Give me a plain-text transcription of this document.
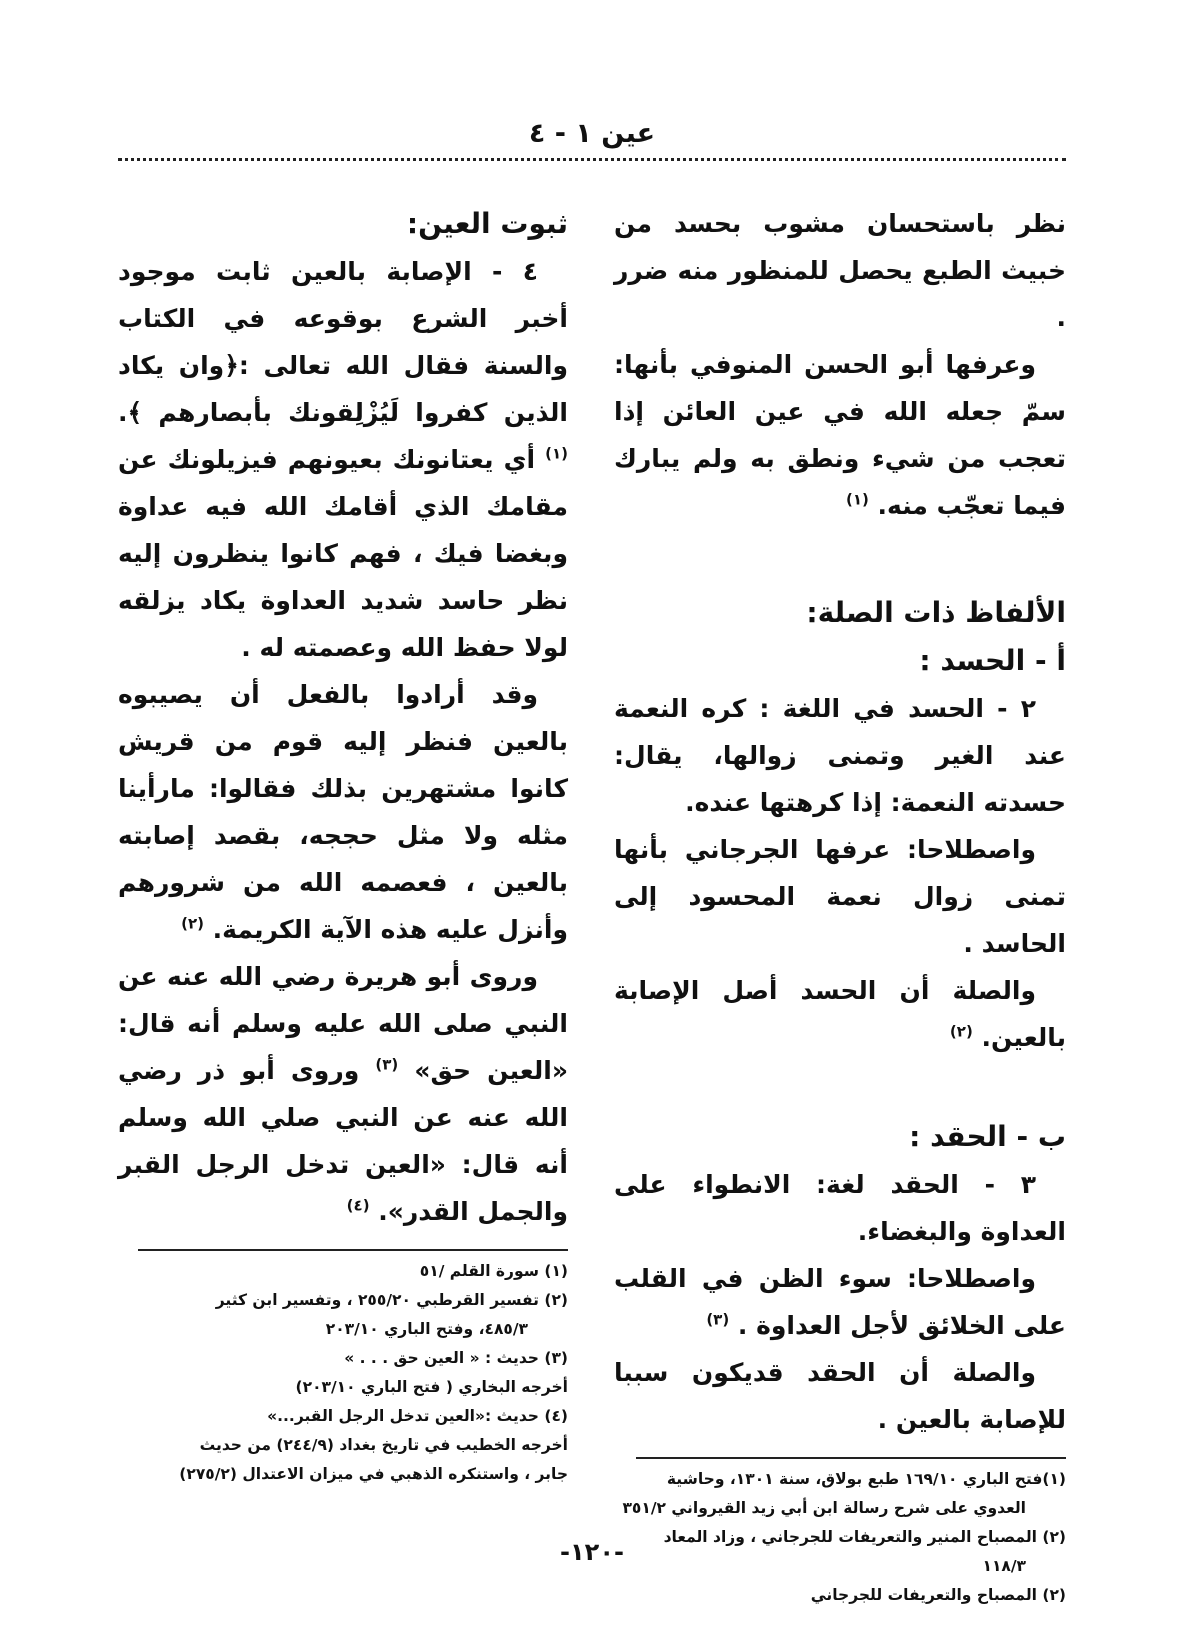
عين ١ - ٤

نظر باستحسان مشوب بحسد من خبيث الطبع يحصل للمنظور منه ضرر .

وعرفها أبو الحسن المنوفي بأنها: سمّ جعله الله في عين العائن إذا تعجب من شيء ونطق به ولم يبارك فيما تعجّب منه. $^{(١)}$

الألفاظ ذات الصلة:
أ - الحسد :

٢ - الحسد في اللغة : كره النعمة عند الغير وتمنى زوالها، يقال: حسدته النعمة: إذا كرهتها عنده.

واصطلاحا: عرفها الجرجاني بأنها تمنى زوال نعمة المحسود إلى الحاسد .

والصلة أن الحسد أصل الإصابة بالعين. $^{(٢)}$

ب - الحقد :

٣ - الحقد لغة: الانطواء على العداوة والبغضاء.

واصطلاحا: سوء الظن في القلب على الخلائق لأجل العداوة . $^{(٣)}$

والصلة أن الحقد قديكون سببا للإصابة بالعين .

(١)فتح الباري ١٦٩/١٠ طبع بولاق، سنة ١٣٠١، وحاشية

العدوي على شرح رسالة ابن أبي زيد القيرواني ٣٥١/٢

(٢) المصباح المنير والتعريفات للجرجاني ، وزاد المعاد

١١٨/٣

(٢) المصباح والتعريفات للجرجاني

ثبوت العين:

٤ - الإصابة بالعين ثابت موجود أخبر الشرع بوقوعه في الكتاب والسنة فقال الله تعالى :﴿وان يكاد الذين كفروا لَيُزْلِقونك بأبصارهم ﴾. $^{(١)}$ أي يعتانونك بعيونهم فيزيلونك عن مقامك الذي أقامك الله فيه عداوة وبغضا فيك ، فهم كانوا ينظرون إليه نظر حاسد شديد العداوة يكاد يزلقه لولا حفظ الله وعصمته له .

وقد أرادوا بالفعل أن يصيبوه بالعين فنظر إليه قوم من قريش كانوا مشتهرين بذلك فقالوا: مارأينا مثله ولا مثل حججه، بقصد إصابته بالعين ، فعصمه الله من شرورهم وأنزل عليه هذه الآية الكريمة. $^{(٢)}$

وروى أبو هريرة رضي الله عنه عن النبي صلى الله عليه وسلم أنه قال: «العين حق» $^{(٣)}$ وروى أبو ذر رضي الله عنه عن النبي صلي الله وسلم أنه قال: «العين تدخل الرجل القبر والجمل القدر». $^{(٤)}$

(١) سورة القلم /٥١

(٢) تفسير القرطبي ٢٥٥/٢٠ ، وتفسير ابن كثير

٤٨٥/٣، وفتح الباري ٢٠٣/١٠

(٣) حديث : « العين حق . . . »

أخرجه البخاري ( فتح الباري ٢٠٣/١٠)

(٤) حديث :«العين تدخل الرجل القبر...»

أخرجه الخطيب في تاريخ بغداد (٢٤٤/٩) من حديث

جابر ، واستنكره الذهبي في ميزان الاعتدال (٢٧٥/٢)

-١٢٠-
